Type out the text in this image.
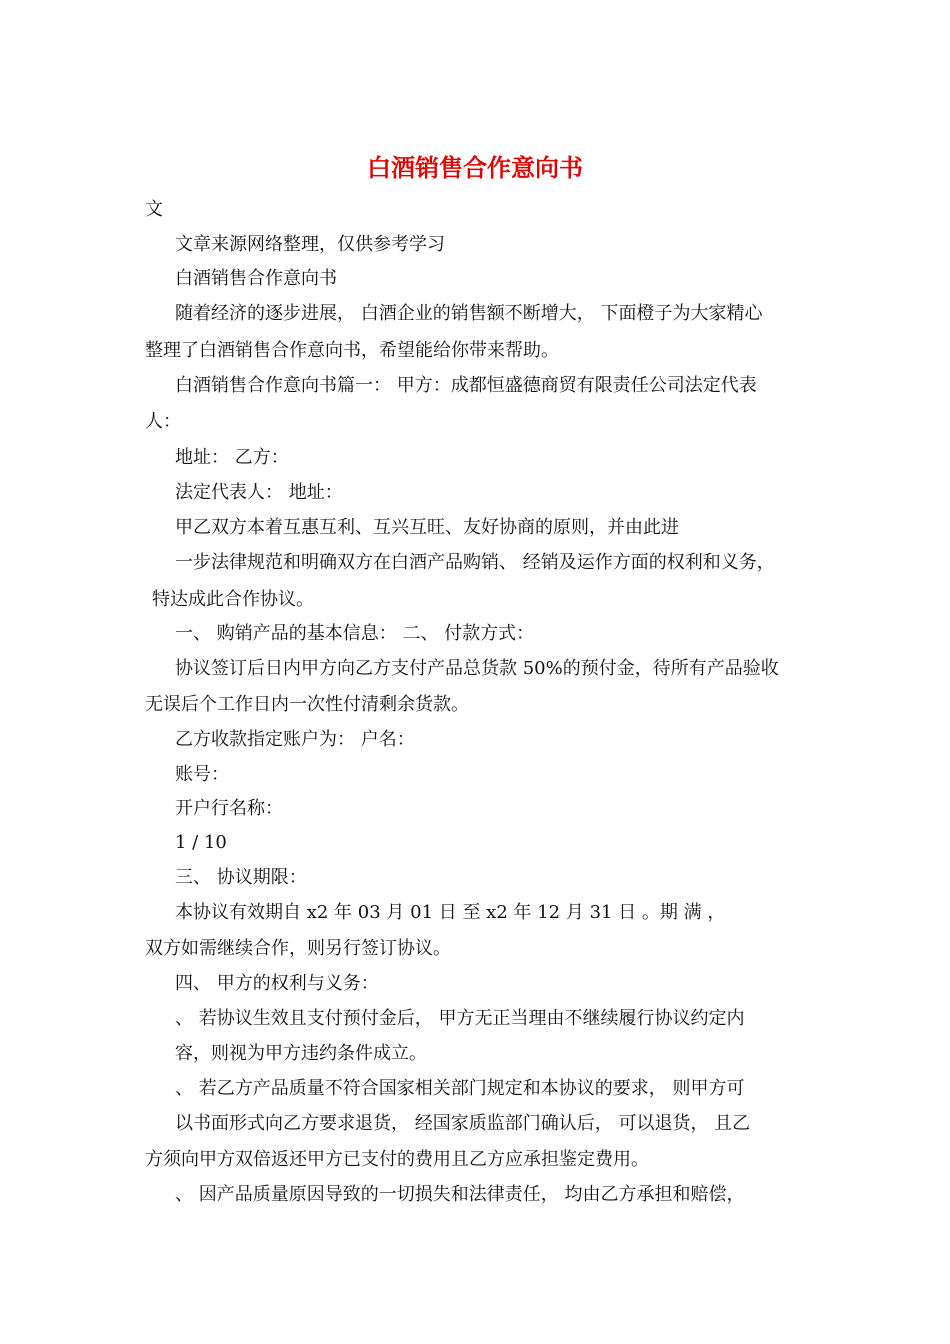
白酒销售合作意向书
文
文章来源网络整理，仅供参考学习
白酒销售合作意向书
随着经济的逐步进展， 白酒企业的销售额不断增大， 下面橙子为大家精心
整理了白酒销售合作意向书，希望能给你带来帮助。
白酒销售合作意向书篇一： 甲方：成都恒盛德商贸有限责任公司法定代表
人：
地址： 乙方：
法定代表人： 地址：
甲乙双方本着互惠互利、互兴互旺、友好协商的原则，并由此进
一步法律规范和明确双方在白酒产品购销、 经销及运作方面的权利和义务，
特达成此合作协议。
一、 购销产品的基本信息： 二、 付款方式：
协议签订后日内甲方向乙方支付产品总货款 50%的预付金，待所有产品验收
无误后个工作日内一次性付清剩余货款。
乙方收款指定账户为： 户名：
账号：
开户行名称：
1 / 10
三、 协议期限：
本协议有效期自 x2 年 03 月 01 日 至 x2 年 12 月 31 日 。期 满 ，
双方如需继续合作，则另行签订协议。
四、 甲方的权利与义务：
、 若协议生效且支付预付金后， 甲方无正当理由不继续履行协议约定内
容，则视为甲方违约条件成立。
、 若乙方产品质量不符合国家相关部门规定和本协议的要求， 则甲方可
以书面形式向乙方要求退货， 经国家质监部门确认后， 可以退货， 且乙
方须向甲方双倍返还甲方已支付的费用且乙方应承担鉴定费用。
、 因产品质量原因导致的一切损失和法律责任， 均由乙方承担和赔偿，
